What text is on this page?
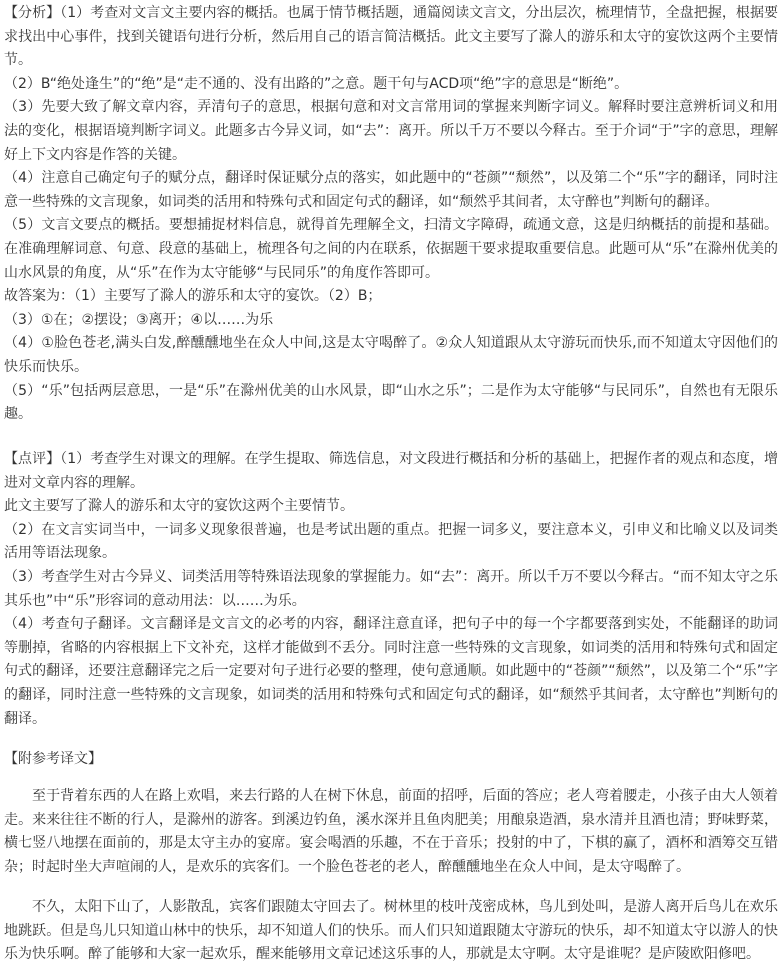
【分析】（1）考查对文言文主要内容的概括。也属于情节概括题，通篇阅读文言文，分出层次，梳理情节，全盘把握，根据要求找出中心事件，找到关键语句进行分析，然后用自己的语言简洁概括。此文主要写了滁人的游乐和太守的宴饮这两个主要情节。

（2）B“绝处逢生”的“绝”是“走不通的、没有出路的”之意。题干句与ACD项“绝”字的意思是“断绝”。

（3）先要大致了解文章内容，弄清句子的意思，根据句意和对文言常用词的掌握来判断字词义。解释时要注意辨析词义和用法的变化，根据语境判断字词义。此题多古今异义词，如“去”：离开。所以千万不要以今释古。至于介词“于”字的意思，理解好上下文内容是作答的关键。

（4）注意自己确定句子的赋分点，翻译时保证赋分点的落实，如此题中的“苍颜”“颓然”，以及第二个“乐”字的翻译，同时注意一些特殊的文言现象，如词类的活用和特殊句式和固定句式的翻译，如“颓然乎其间者，太守醉也”判断句的翻译。

（5）文言文要点的概括。要想捕捉材料信息，就得首先理解全文，扫清文字障碍，疏通文意，这是归纳概括的前提和基础。在准确理解词意、句意、段意的基础上，梳理各句之间的内在联系，依据题干要求提取重要信息。此题可从“乐”在滁州优美的山水风景的角度，从“乐”在作为太守能够“与民同乐”的角度作答即可。

故答案为：（1）主要写了滁人的游乐和太守的宴饮。（2）B；

（3）①在；②摆设；③离开；④以……为乐

（4）①脸色苍老,满头白发,醉醺醺地坐在众人中间,这是太守喝醉了。②众人知道跟从太守游玩而快乐,而不知道太守因他们的快乐而快乐。

（5）“乐”包括两层意思，一是“乐”在滁州优美的山水风景，即“山水之乐”；二是作为太守能够“与民同乐”，自然也有无限乐趣。

【点评】（1）考查学生对课文的理解。在学生提取、筛选信息，对文段进行概括和分析的基础上，把握作者的观点和态度，增进对文章内容的理解。

此文主要写了滁人的游乐和太守的宴饮这两个主要情节。

（2）在文言实词当中，一词多义现象很普遍，也是考试出题的重点。把握一词多义，要注意本义，引申义和比喻义以及词类活用等语法现象。

（3）考查学生对古今异义、词类活用等特殊语法现象的掌握能力。如“去”：离开。所以千万不要以今释古。“而不知太守之乐其乐也”中“乐”形容词的意动用法：以……为乐。

（4）考查句子翻译。文言翻译是文言文的必考的内容，翻译注意直译，把句子中的每一个字都要落到实处，不能翻译的助词等删掉，省略的内容根据上下文补充，这样才能做到不丢分。同时注意一些特殊的文言现象，如词类的活用和特殊句式和固定句式的翻译，还要注意翻译完之后一定要对句子进行必要的整理，使句意通顺。如此题中的“苍颜”“颓然”，以及第二个“乐”字的翻译，同时注意一些特殊的文言现象，如词类的活用和特殊句式和固定句式的翻译，如“颓然乎其间者，太守醉也”判断句的翻译。

【附参考译文】

至于背着东西的人在路上欢唱，来去行路的人在树下休息，前面的招呼，后面的答应；老人弯着腰走，小孩子由大人领着走。来来往往不断的行人，是滁州的游客。到溪边钓鱼，溪水深并且鱼肉肥美；用酿泉造酒，泉水清并且酒也清；野味野菜，横七竖八地摆在面前的，那是太守主办的宴席。宴会喝酒的乐趣，不在于音乐；投射的中了，下棋的赢了，酒杯和酒筹交互错杂；时起时坐大声喧闹的人，是欢乐的宾客们。一个脸色苍老的老人，醉醺醺地坐在众人中间，是太守喝醉了。

不久，太阳下山了，人影散乱，宾客们跟随太守回去了。树林里的枝叶茂密成林，鸟儿到处叫，是游人离开后鸟儿在欢乐地跳跃。但是鸟儿只知道山林中的快乐，却不知道人们的快乐。而人们只知道跟随太守游玩的快乐，却不知道太守以游人的快乐为快乐啊。醉了能够和大家一起欢乐，醒来能够用文章记述这乐事的人，那就是太守啊。太守是谁呢？是庐陵欧阳修吧。
